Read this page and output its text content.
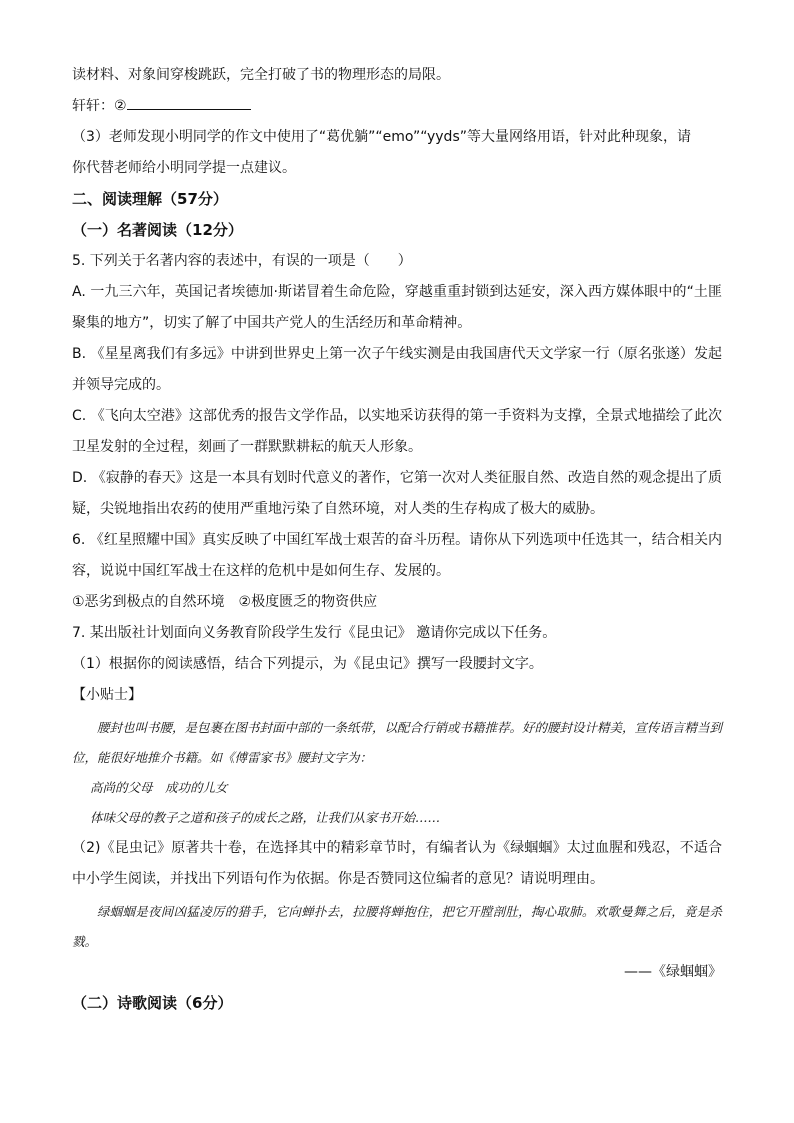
读材料、对象间穿梭跳跃，完全打破了书的物理形态的局限。

轩轩：②

（3）老师发现小明同学的作文中使用了“葛优躺”“emo”“yyds”等大量网络用语，针对此种现象，请

你代替老师给小明同学提一点建议。

二、阅读理解（57分）

（一）名著阅读（12分）

5. 下列关于名著内容的表述中，有误的一项是（　　）

A. 一九三六年，英国记者埃德加·斯诺冒着生命危险，穿越重重封锁到达延安，深入西方媒体眼中的“土匪聚集的地方”，切实了解了中国共产党人的生活经历和革命精神。

B. 《星星离我们有多远》中讲到世界史上第一次子午线实测是由我国唐代天文学家一行（原名张遂）发起并领导完成的。

C. 《飞向太空港》这部优秀的报告文学作品，以实地采访获得的第一手资料为支撑，全景式地描绘了此次卫星发射的全过程，刻画了一群默默耕耘的航天人形象。

D. 《寂静的春天》这是一本具有划时代意义的著作，它第一次对人类征服自然、改造自然的观念提出了质疑，尖锐地指出农药的使用严重地污染了自然环境，对人类的生存构成了极大的威胁。

6. 《红星照耀中国》真实反映了中国红军战士艰苦的奋斗历程。请你从下列选项中任选其一，结合相关内容，说说中国红军战士在这样的危机中是如何生存、发展的。

①恶劣到极点的自然环境　②极度匮乏的物资供应

7. 某出版社计划面向义务教育阶段学生发行《昆虫记》 邀请你完成以下任务。

（1）根据你的阅读感悟，结合下列提示，为《昆虫记》撰写一段腰封文字。

【小贴士】

腰封也叫书腰，是包裹在图书封面中部的一条纸带，以配合行销或书籍推荐。好的腰封设计精美，宣传语言精当到位，能很好地推介书籍。如《傅雷家书》腰封文字为：

高尚的父母　成功的儿女

体味父母的教子之道和孩子的成长之路，让我们从家书开始……

（2)《昆虫记》原著共十卷，在选择其中的精彩章节时，有编者认为《绿蝈蝈》太过血腥和残忍，不适合中小学生阅读，并找出下列语句作为依据。你是否赞同这位编者的意见？请说明理由。

绿蝈蝈是夜间凶猛凌厉的猎手，它向蝉扑去，拉腰将蝉抱住，把它开膛剖肚，掏心取肺。欢歌曼舞之后，竟是杀戮。

——《绿蝈蝈》

（二）诗歌阅读（6分）
